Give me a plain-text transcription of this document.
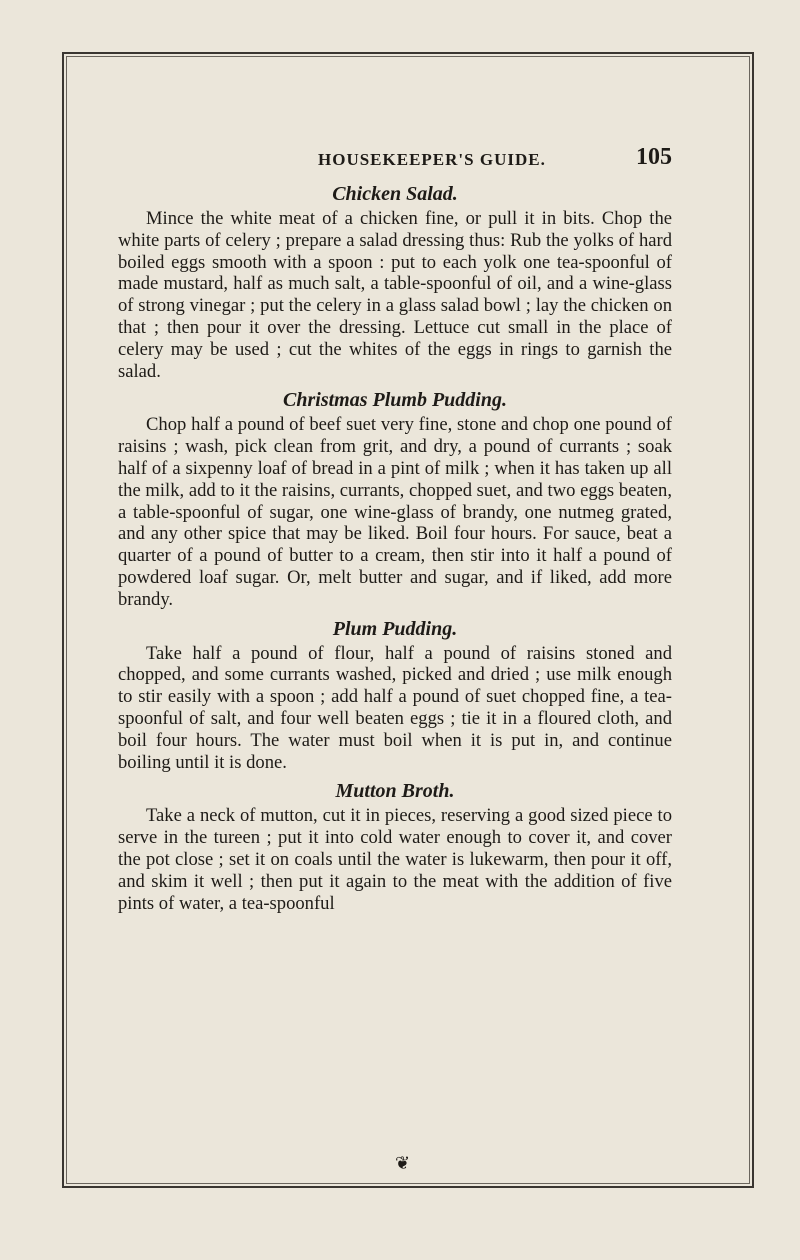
HOUSEKEEPER'S GUIDE.	105
Chicken Salad.

Mince the white meat of a chicken fine, or pull it in bits. Chop the white parts of celery ; prepare a salad dressing thus: Rub the yolks of hard boiled eggs smooth with a spoon : put to each yolk one tea-spoonful of made mustard, half as much salt, a table-spoonful of oil, and a wine-glass of strong vinegar ; put the celery in a glass salad bowl ; lay the chicken on that ; then pour it over the dressing. Lettuce cut small in the place of celery may be used ; cut the whites of the eggs in rings to garnish the salad.

Christmas Plumb Pudding.

Chop half a pound of beef suet very fine, stone and chop one pound of raisins ; wash, pick clean from grit, and dry, a pound of currants ; soak half of a sixpenny loaf of bread in a pint of milk ; when it has taken up all the milk, add to it the raisins, currants, chopped suet, and two eggs beaten, a table-spoonful of sugar, one wine-glass of brandy, one nutmeg grated, and any other spice that may be liked. Boil four hours. For sauce, beat a quarter of a pound of butter to a cream, then stir into it half a pound of powdered loaf sugar. Or, melt butter and sugar, and if liked, add more brandy.

Plum Pudding.

Take half a pound of flour, half a pound of raisins stoned and chopped, and some currants washed, picked and dried ; use milk enough to stir easily with a spoon ; add half a pound of suet chopped fine, a tea-spoonful of salt, and four well beaten eggs ; tie it in a floured cloth, and boil four hours. The water must boil when it is put in, and continue boiling until it is done.

Mutton Broth.

Take a neck of mutton, cut it in pieces, reserving a good sized piece to serve in the tureen ; put it into cold water enough to cover it, and cover the pot close ; set it on coals until the water is lukewarm, then pour it off, and skim it well ; then put it again to the meat with the addition of five pints of water, a tea-spoonful

❦
